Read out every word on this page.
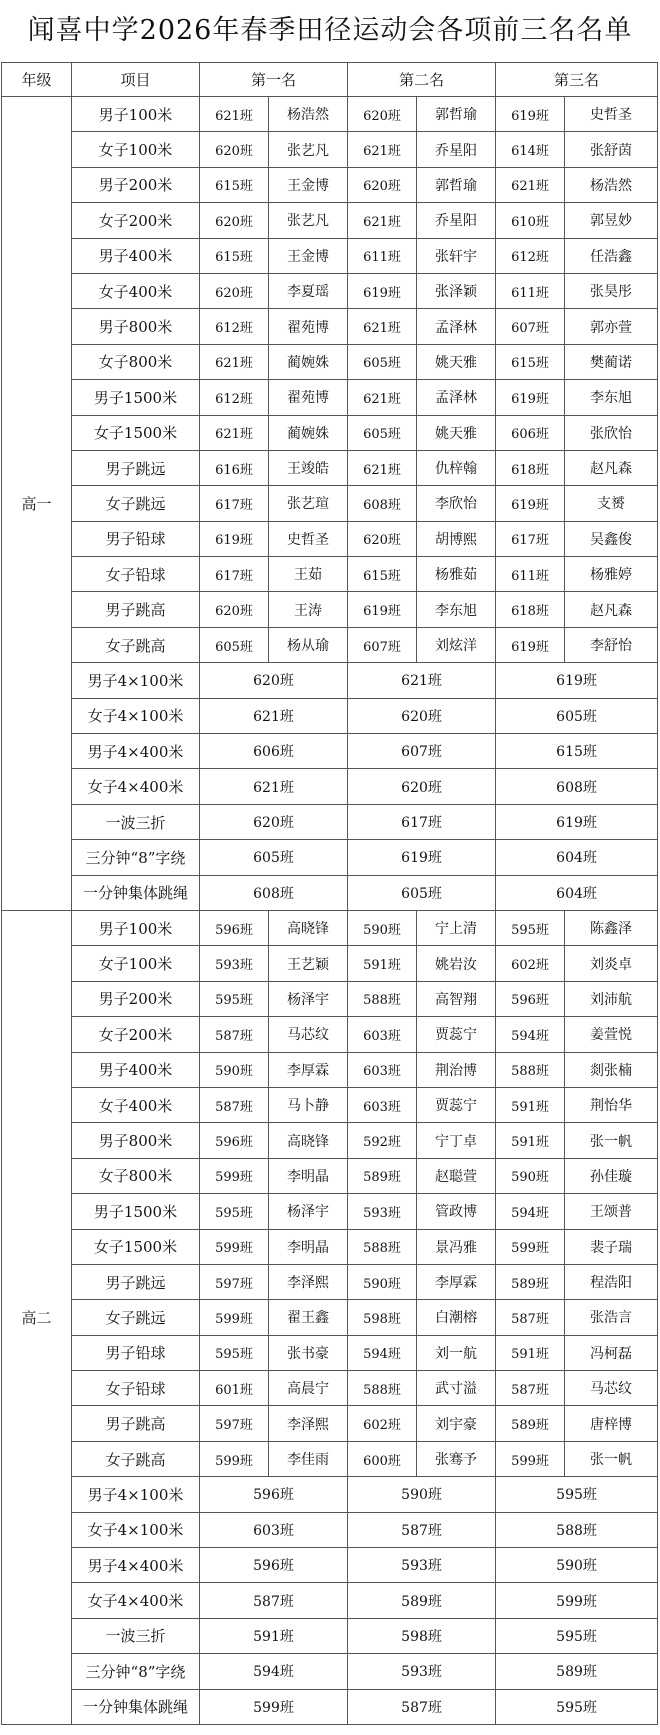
闻喜中学2026年春季田径运动会各项前三名名单
年级	项目	第一名		第二名		第三名	
高一	男子100米	621班	杨浩然	620班	郭哲瑜	619班	史哲圣
	女子100米	620班	张艺凡	621班	乔星阳	614班	张舒茵
	男子200米	615班	王金博	620班	郭哲瑜	621班	杨浩然
	女子200米	620班	张艺凡	621班	乔星阳	610班	郭昱妙
	男子400米	615班	王金博	611班	张轩宇	612班	任浩鑫
	女子400米	620班	李夏瑶	619班	张泽颖	611班	张昊彤
	男子800米	612班	翟苑博	621班	孟泽林	607班	郭亦萱
	女子800米	621班	蔺婉姝	605班	姚天雅	615班	樊蔺诺
	男子1500米	612班	翟苑博	621班	孟泽林	619班	李东旭
	女子1500米	621班	蔺婉姝	605班	姚天雅	606班	张欣怡
	男子跳远	616班	王竣皓	621班	仇梓翰	618班	赵凡森
	女子跳远	617班	张艺瑄	608班	李欣怡	619班	支赟
	男子铅球	619班	史哲圣	620班	胡博熙	617班	吴鑫俊
	女子铅球	617班	王茹	615班	杨雅茹	611班	杨雅婷
	男子跳高	620班	王涛	619班	李东旭	618班	赵凡森
	女子跳高	605班	杨从瑜	607班	刘炫洋	619班	李舒怡
	男子4×100米	620班		621班		619班	
	女子4×100米	621班		620班		605班	
	男子4×400米	606班		607班		615班	
	女子4×400米	621班		620班		608班	
	一波三折	620班		617班		619班	
	三分钟“8”字绕	605班		619班		604班	
	一分钟集体跳绳	608班		605班		604班	
高二	男子100米	596班	高晓锋	590班	宁上清	595班	陈鑫泽
	女子100米	593班	王艺颖	591班	姚岩汝	602班	刘炎卓
	男子200米	595班	杨泽宇	588班	高智翔	596班	刘沛航
	女子200米	587班	马芯纹	603班	贾蕊宁	594班	姜萱悦
	男子400米	590班	李厚霖	603班	荆治博	588班	剡张楠
	女子400米	587班	马卜静	603班	贾蕊宁	591班	荆怡华
	男子800米	596班	高晓锋	592班	宁丁卓	591班	张一帆
	女子800米	599班	李明晶	589班	赵聪萱	590班	孙佳璇
	男子1500米	595班	杨泽宇	593班	管政博	594班	王颂普
	女子1500米	599班	李明晶	588班	景冯雅	599班	裴子瑞
	男子跳远	597班	李泽熙	590班	李厚霖	589班	程浩阳
	女子跳远	599班	翟王鑫	598班	白潮榕	587班	张浩言
	男子铅球	595班	张书豪	594班	刘一航	591班	冯柯磊
	女子铅球	601班	高晨宁	588班	武寸溢	587班	马芯纹
	男子跳高	597班	李泽熙	602班	刘宇豪	589班	唐梓博
	女子跳高	599班	李佳雨	600班	张骞予	599班	张一帆
	男子4×100米	596班		590班		595班	
	女子4×100米	603班		587班		588班	
	男子4×400米	596班		593班		590班	
	女子4×400米	587班		589班		599班	
	一波三折	591班		598班		595班	
	三分钟“8”字绕	594班		593班		589班	
	一分钟集体跳绳	599班		587班		595班	
